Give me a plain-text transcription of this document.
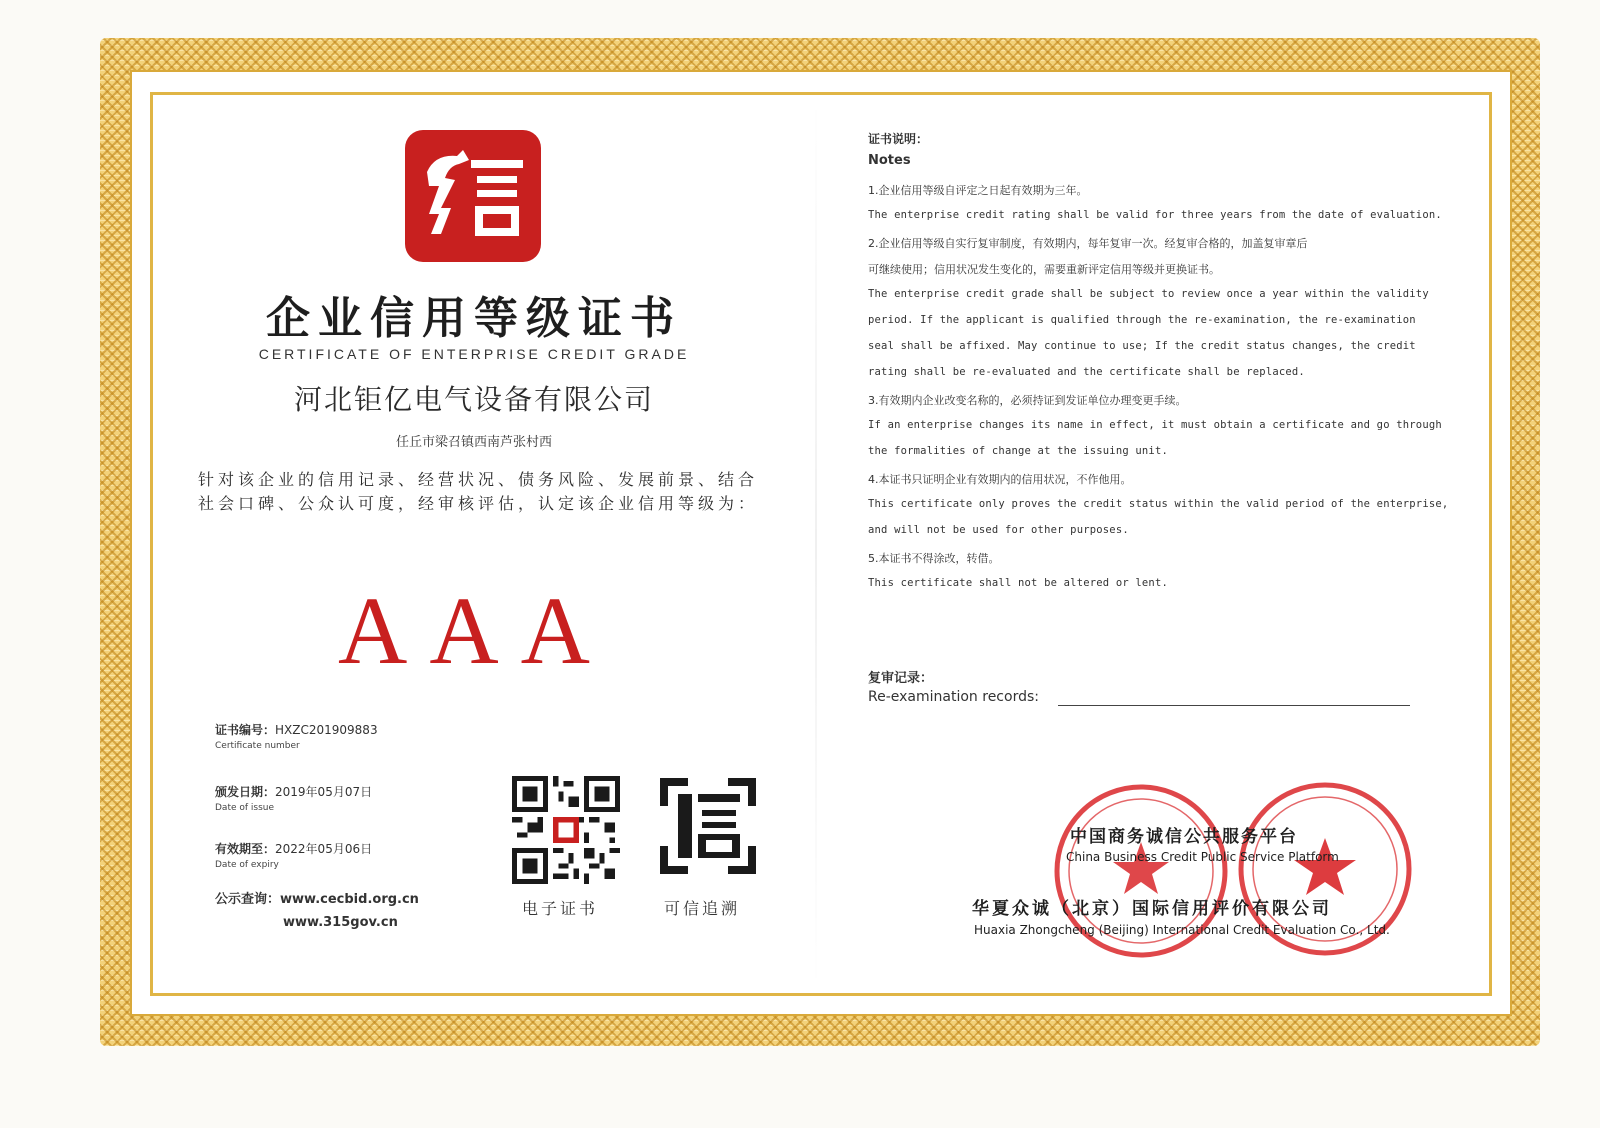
企业信用等级证书
CERTIFICATE OF ENTERPRISE CREDIT GRADE
河北钜亿电气设备有限公司
任丘市梁召镇西南芦张村西
针对该企业的信用记录、经营状况、债务风险、发展前景、结合社会口碑、公众认可度，经审核评估，认定该企业信用等级为：
AAA
证书编号：HXZC201909883
Certificate number
颁发日期：2019年05月07日
Date of issue
有效期至：2022年05月06日
Date of expiry
公示查询：www.cecbid.org.cn
www.315gov.cn
电子证书	可信追溯
证书说明：
Notes
1.企业信用等级自评定之日起有效期为三年。
The enterprise credit rating shall be valid for three years from the date of evaluation.
2.企业信用等级自实行复审制度，有效期内，每年复审一次。经复审合格的，加盖复审章后
可继续使用；信用状况发生变化的，需要重新评定信用等级并更换证书。
The enterprise credit grade shall be subject to review once a year within the validity
period. If the applicant is qualified through the re-examination, the re-examination
seal shall be affixed. May continue to use; If the credit status changes, the credit
rating shall be re-evaluated and the certificate shall be replaced.
3.有效期内企业改变名称的，必须持证到发证单位办理变更手续。
If an enterprise changes its name in effect, it must obtain a certificate and go through
the formalities of change at the issuing unit.
4.本证书只证明企业有效期内的信用状况，不作他用。
This certificate only proves the credit status within the valid period of the enterprise,
and will not be used for other purposes.
5.本证书不得涂改，转借。
This certificate shall not be altered or lent.
复审记录：
Re-examination records:
中国商务诚信公共服务平台
China Business Credit Public Service Platform
华夏众诚（北京）国际信用评价有限公司
Huaxia Zhongcheng (Beijing) International Credit Evaluation Co., Ltd.
